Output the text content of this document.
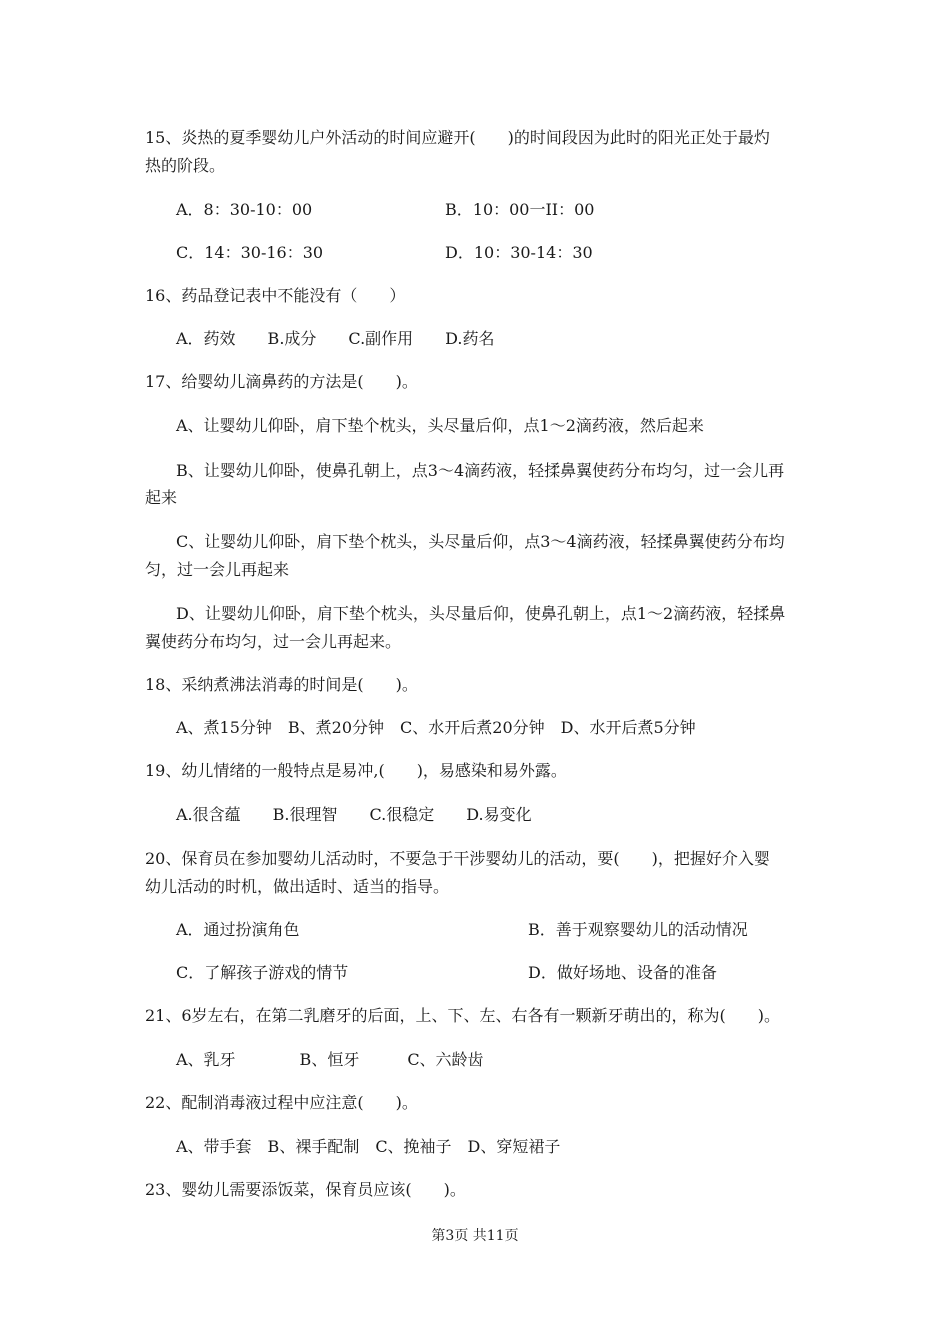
15、炎热的夏季婴幼儿户外活动的时间应避开(　　)的时间段因为此时的阳光正处于最灼
热的阶段。
A．8：30-10：00	B．10：00一II：00
C．14：30-16：30	D．10：30-14：30
16、药品登记表中不能没有（　　）
A．药效　　B.成分　　C.副作用　　D.药名
17、给婴幼儿滴鼻药的方法是(　　)。
A、让婴幼儿仰卧，肩下垫个枕头，头尽量后仰，点1～2滴药液，然后起来
B、让婴幼儿仰卧，使鼻孔朝上，点3～4滴药液，轻揉鼻翼使药分布均匀，过一会儿再
起来
C、让婴幼儿仰卧，肩下垫个枕头，头尽量后仰，点3～4滴药液，轻揉鼻翼使药分布均
匀，过一会儿再起来
D、让婴幼儿仰卧，肩下垫个枕头，头尽量后仰，使鼻孔朝上，点1～2滴药液，轻揉鼻
翼使药分布均匀，过一会儿再起来。
18、采纳煮沸法消毒的时间是(　　)。
A、煮15分钟　B、煮20分钟　C、水开后煮20分钟　D、水开后煮5分钟
19、幼儿情绪的一般特点是易冲,(　　)，易感染和易外露。
A.很含蕴　　B.很理智　　C.很稳定　　D.易变化
20、保育员在参加婴幼儿活动时，不要急于干涉婴幼儿的活动，要(　　)，把握好介入婴
幼儿活动的时机，做出适时、适当的指导。
A．通过扮演角色	B．善于观察婴幼儿的活动情况
C．了解孩子游戏的情节	D．做好场地、设备的准备
21、6岁左右，在第二乳磨牙的后面，上、下、左、右各有一颗新牙萌出的，称为(　　)。
A、乳牙　　　　B、恒牙　　　C、六龄齿
22、配制消毒液过程中应注意(　　)。
A、带手套　B、裸手配制　C、挽袖子　D、穿短裙子
23、婴幼儿需要添饭菜，保育员应该(　　)。
第3页 共11页
